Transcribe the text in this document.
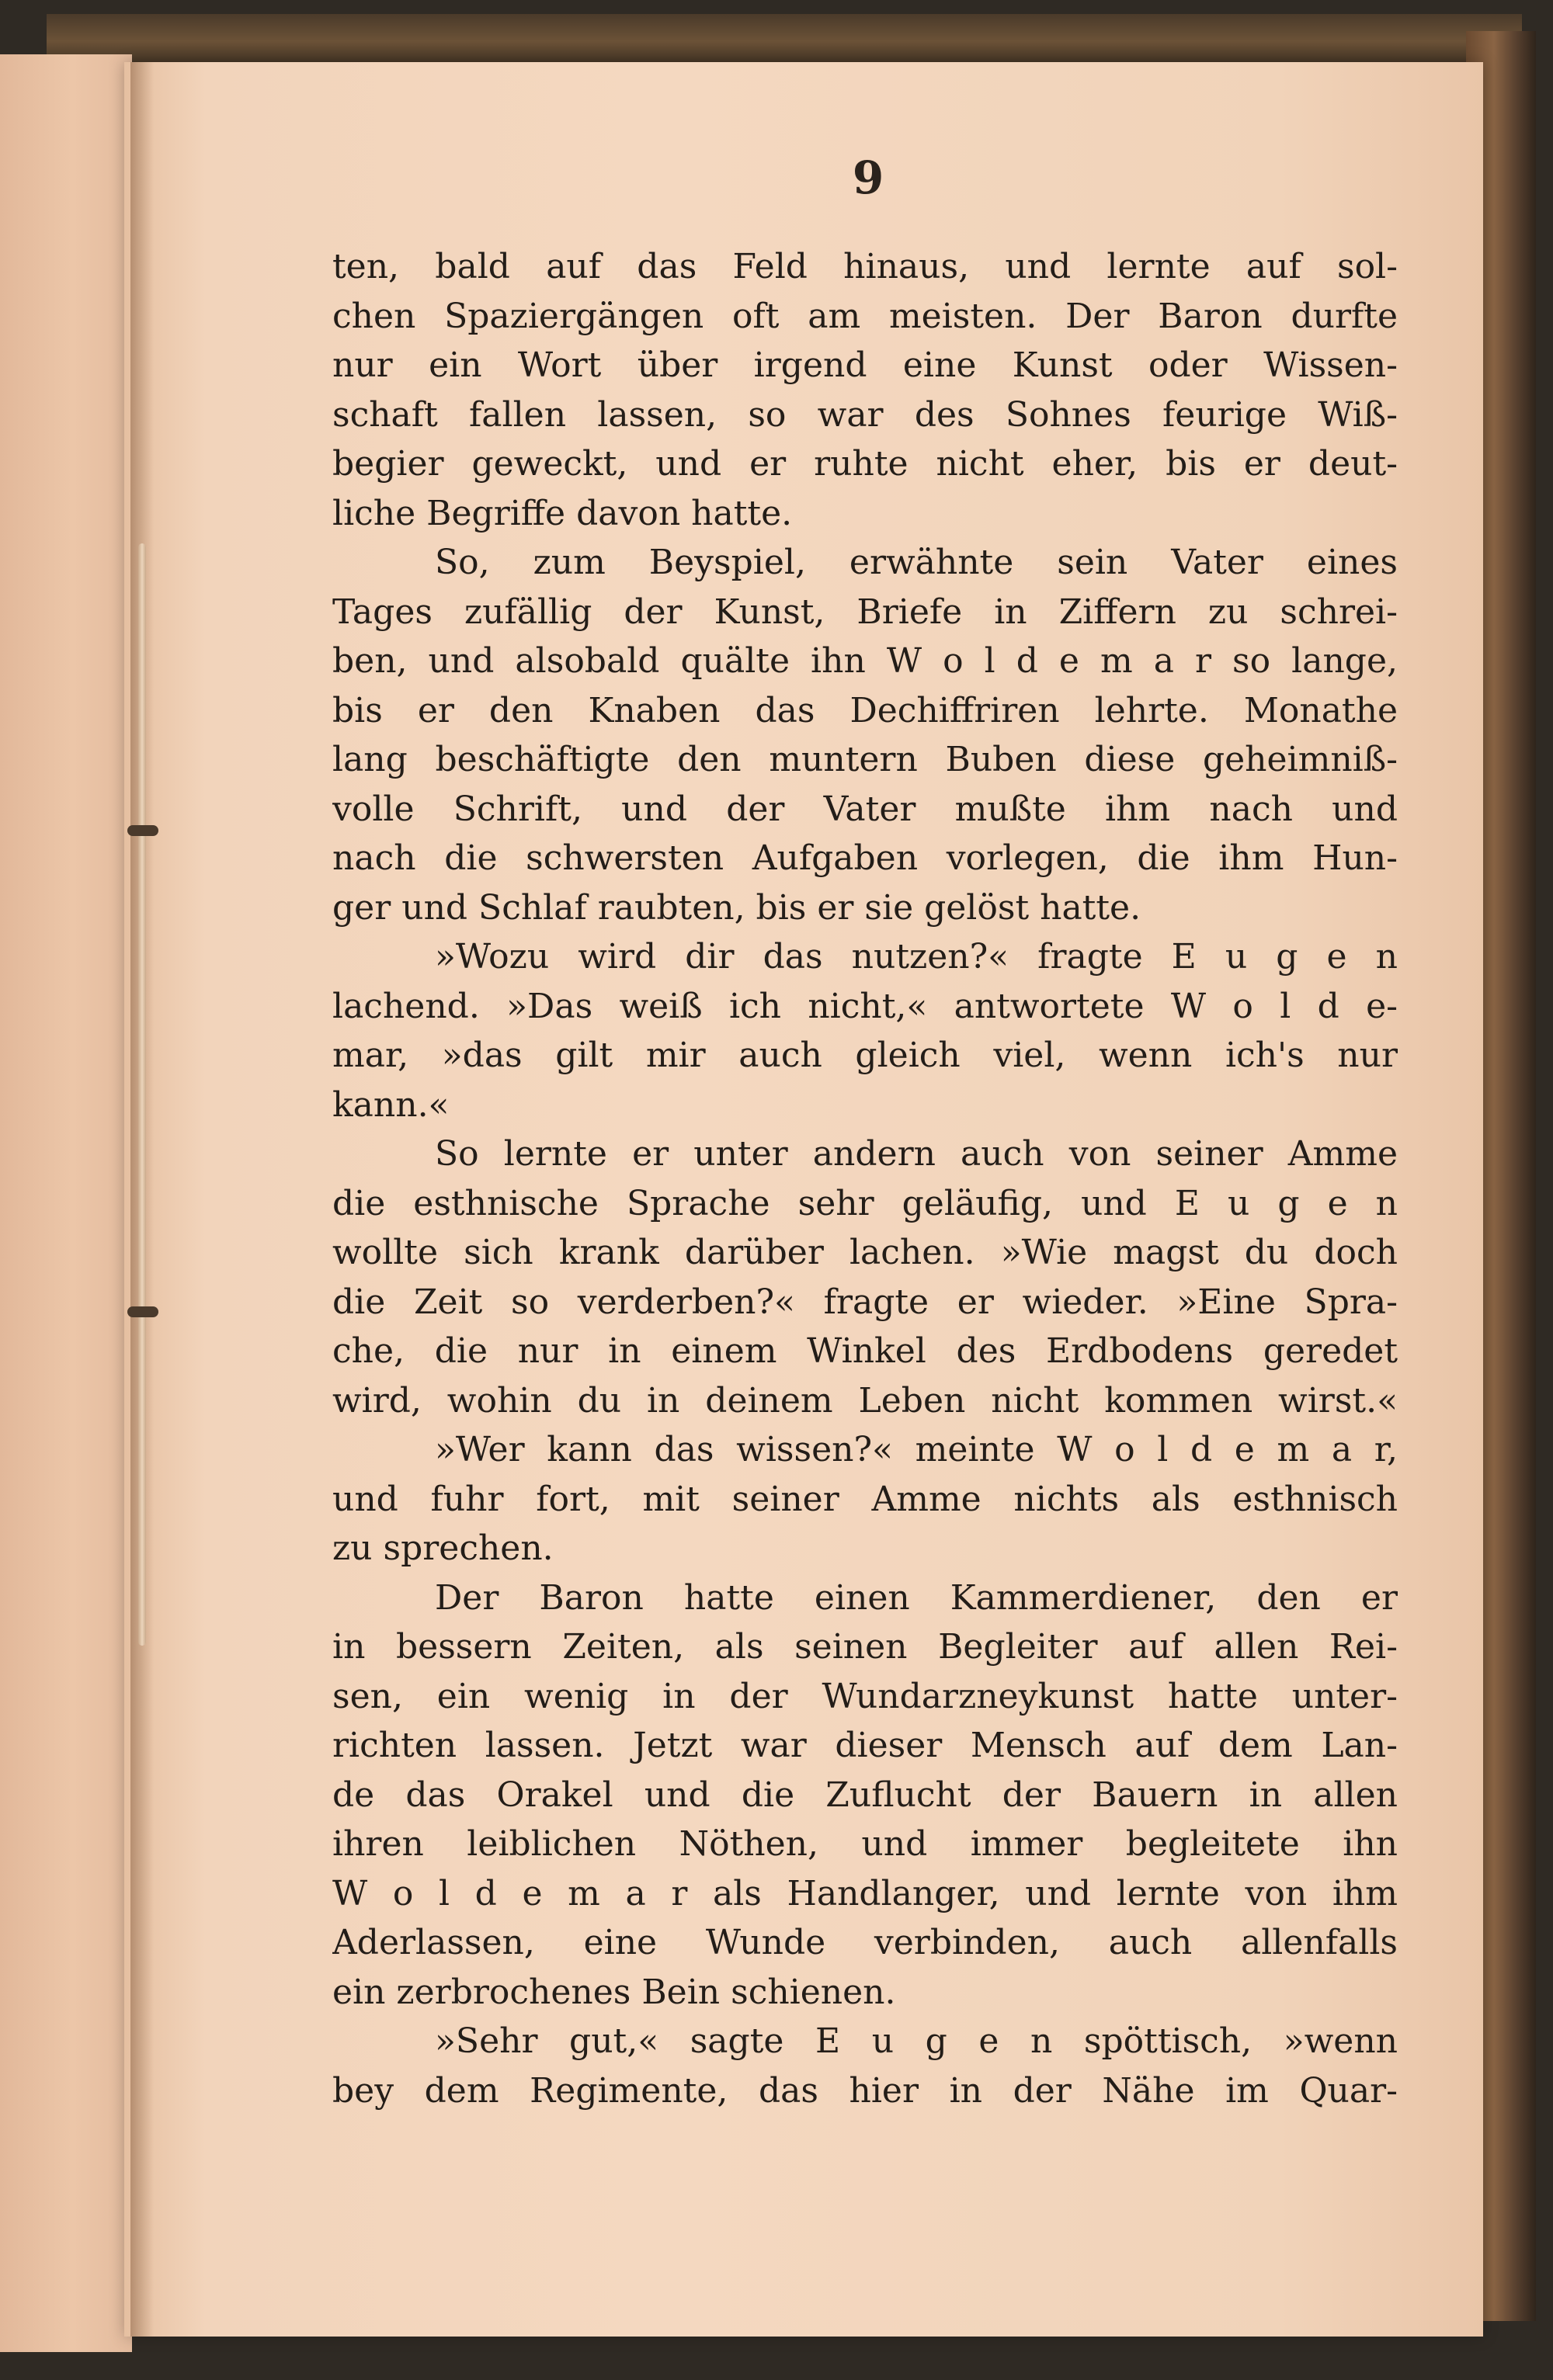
9
ten, bald auf das Feld hinaus, und lernte auf sol-
chen Spaziergängen oft am meisten. Der Baron durfte
nur ein Wort über irgend eine Kunst oder Wissen-
schaft fallen lassen, so war des Sohnes feurige Wiß-
begier geweckt, und er ruhte nicht eher, bis er deut-
liche Begriffe davon hatte.
So, zum Beyspiel, erwähnte sein Vater eines
Tages zufällig der Kunst, Briefe in Ziffern zu schrei-
ben, und alsobald quälte ihn W o l d e m a r so lange,
bis er den Knaben das Dechiffriren lehrte. Monathe
lang beschäftigte den muntern Buben diese geheimniß-
volle Schrift, und der Vater mußte ihm nach und
nach die schwersten Aufgaben vorlegen, die ihm Hun-
ger und Schlaf raubten, bis er sie gelöst hatte.
»Wozu wird dir das nutzen?« fragte E u g e n
lachend. »Das weiß ich nicht,« antwortete W o l d e-
mar, »das gilt mir auch gleich viel, wenn ich's nur
kann.«
So lernte er unter andern auch von seiner Amme
die esthnische Sprache sehr geläufig, und E u g e n
wollte sich krank darüber lachen. »Wie magst du doch
die Zeit so verderben?« fragte er wieder. »Eine Spra-
che, die nur in einem Winkel des Erdbodens geredet
wird, wohin du in deinem Leben nicht kommen wirst.«
»Wer kann das wissen?« meinte W o l d e m a r,
und fuhr fort, mit seiner Amme nichts als esthnisch
zu sprechen.
Der Baron hatte einen Kammerdiener, den er
in bessern Zeiten, als seinen Begleiter auf allen Rei-
sen, ein wenig in der Wundarzneykunst hatte unter-
richten lassen. Jetzt war dieser Mensch auf dem Lan-
de das Orakel und die Zuflucht der Bauern in allen
ihren leiblichen Nöthen, und immer begleitete ihn
W o l d e m a r als Handlanger, und lernte von ihm
Aderlassen, eine Wunde verbinden, auch allenfalls
ein zerbrochenes Bein schienen.
»Sehr gut,« sagte E u g e n spöttisch, »wenn
bey dem Regimente, das hier in der Nähe im Quar-
